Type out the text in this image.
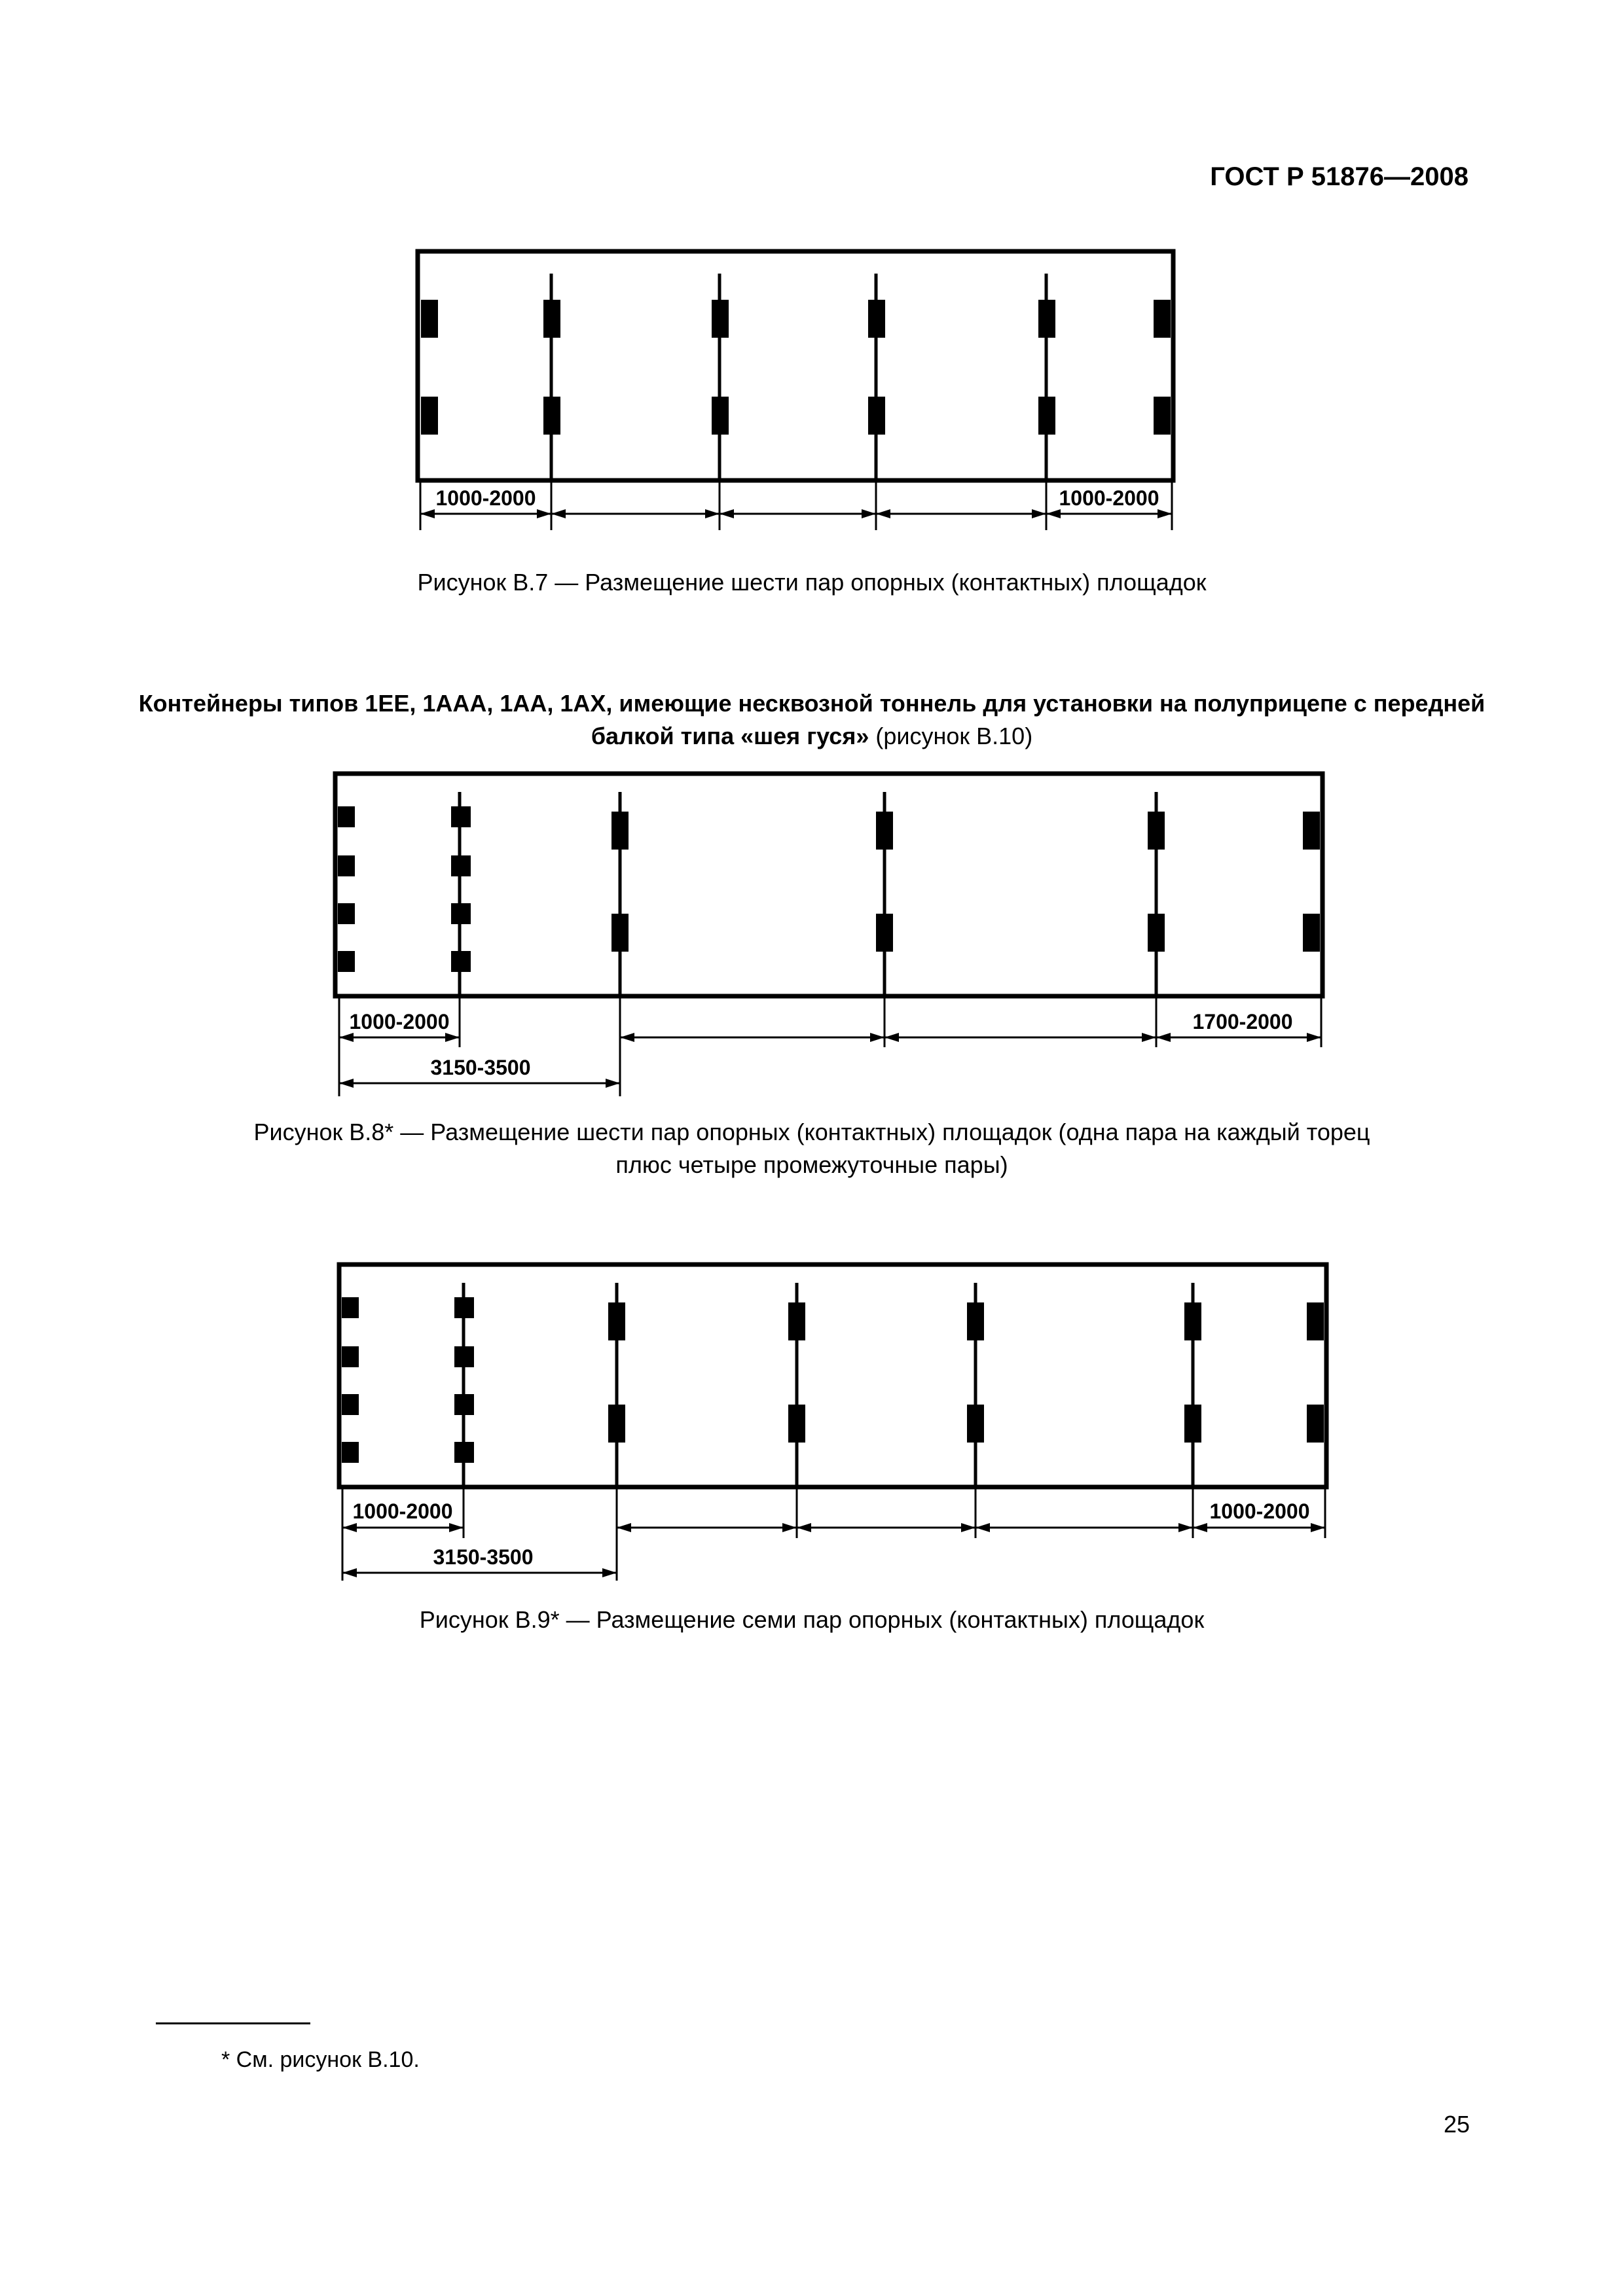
ГОСТ Р 51876—2008
1000-2000	1000-2000
Рисунок В.7 — Размещение шести пар опорных (контактных) площадок
Контейнеры типов 1ЕЕ, 1ААА, 1АА, 1АХ, имеющие несквозной тоннель для установки на полуприцепе с передней балкой типа «шея гуся» (рисунок В.10)
1000-2000	1700-2000
3150-3500
Рисунок В.8* — Размещение шести пар опорных (контактных) площадок (одна пара на каждый торец
плюс четыре промежуточные пары)
1000-2000	1000-2000
3150-3500
Рисунок В.9* — Размещение семи пар опорных (контактных) площадок
* См. рисунок В.10.
25
